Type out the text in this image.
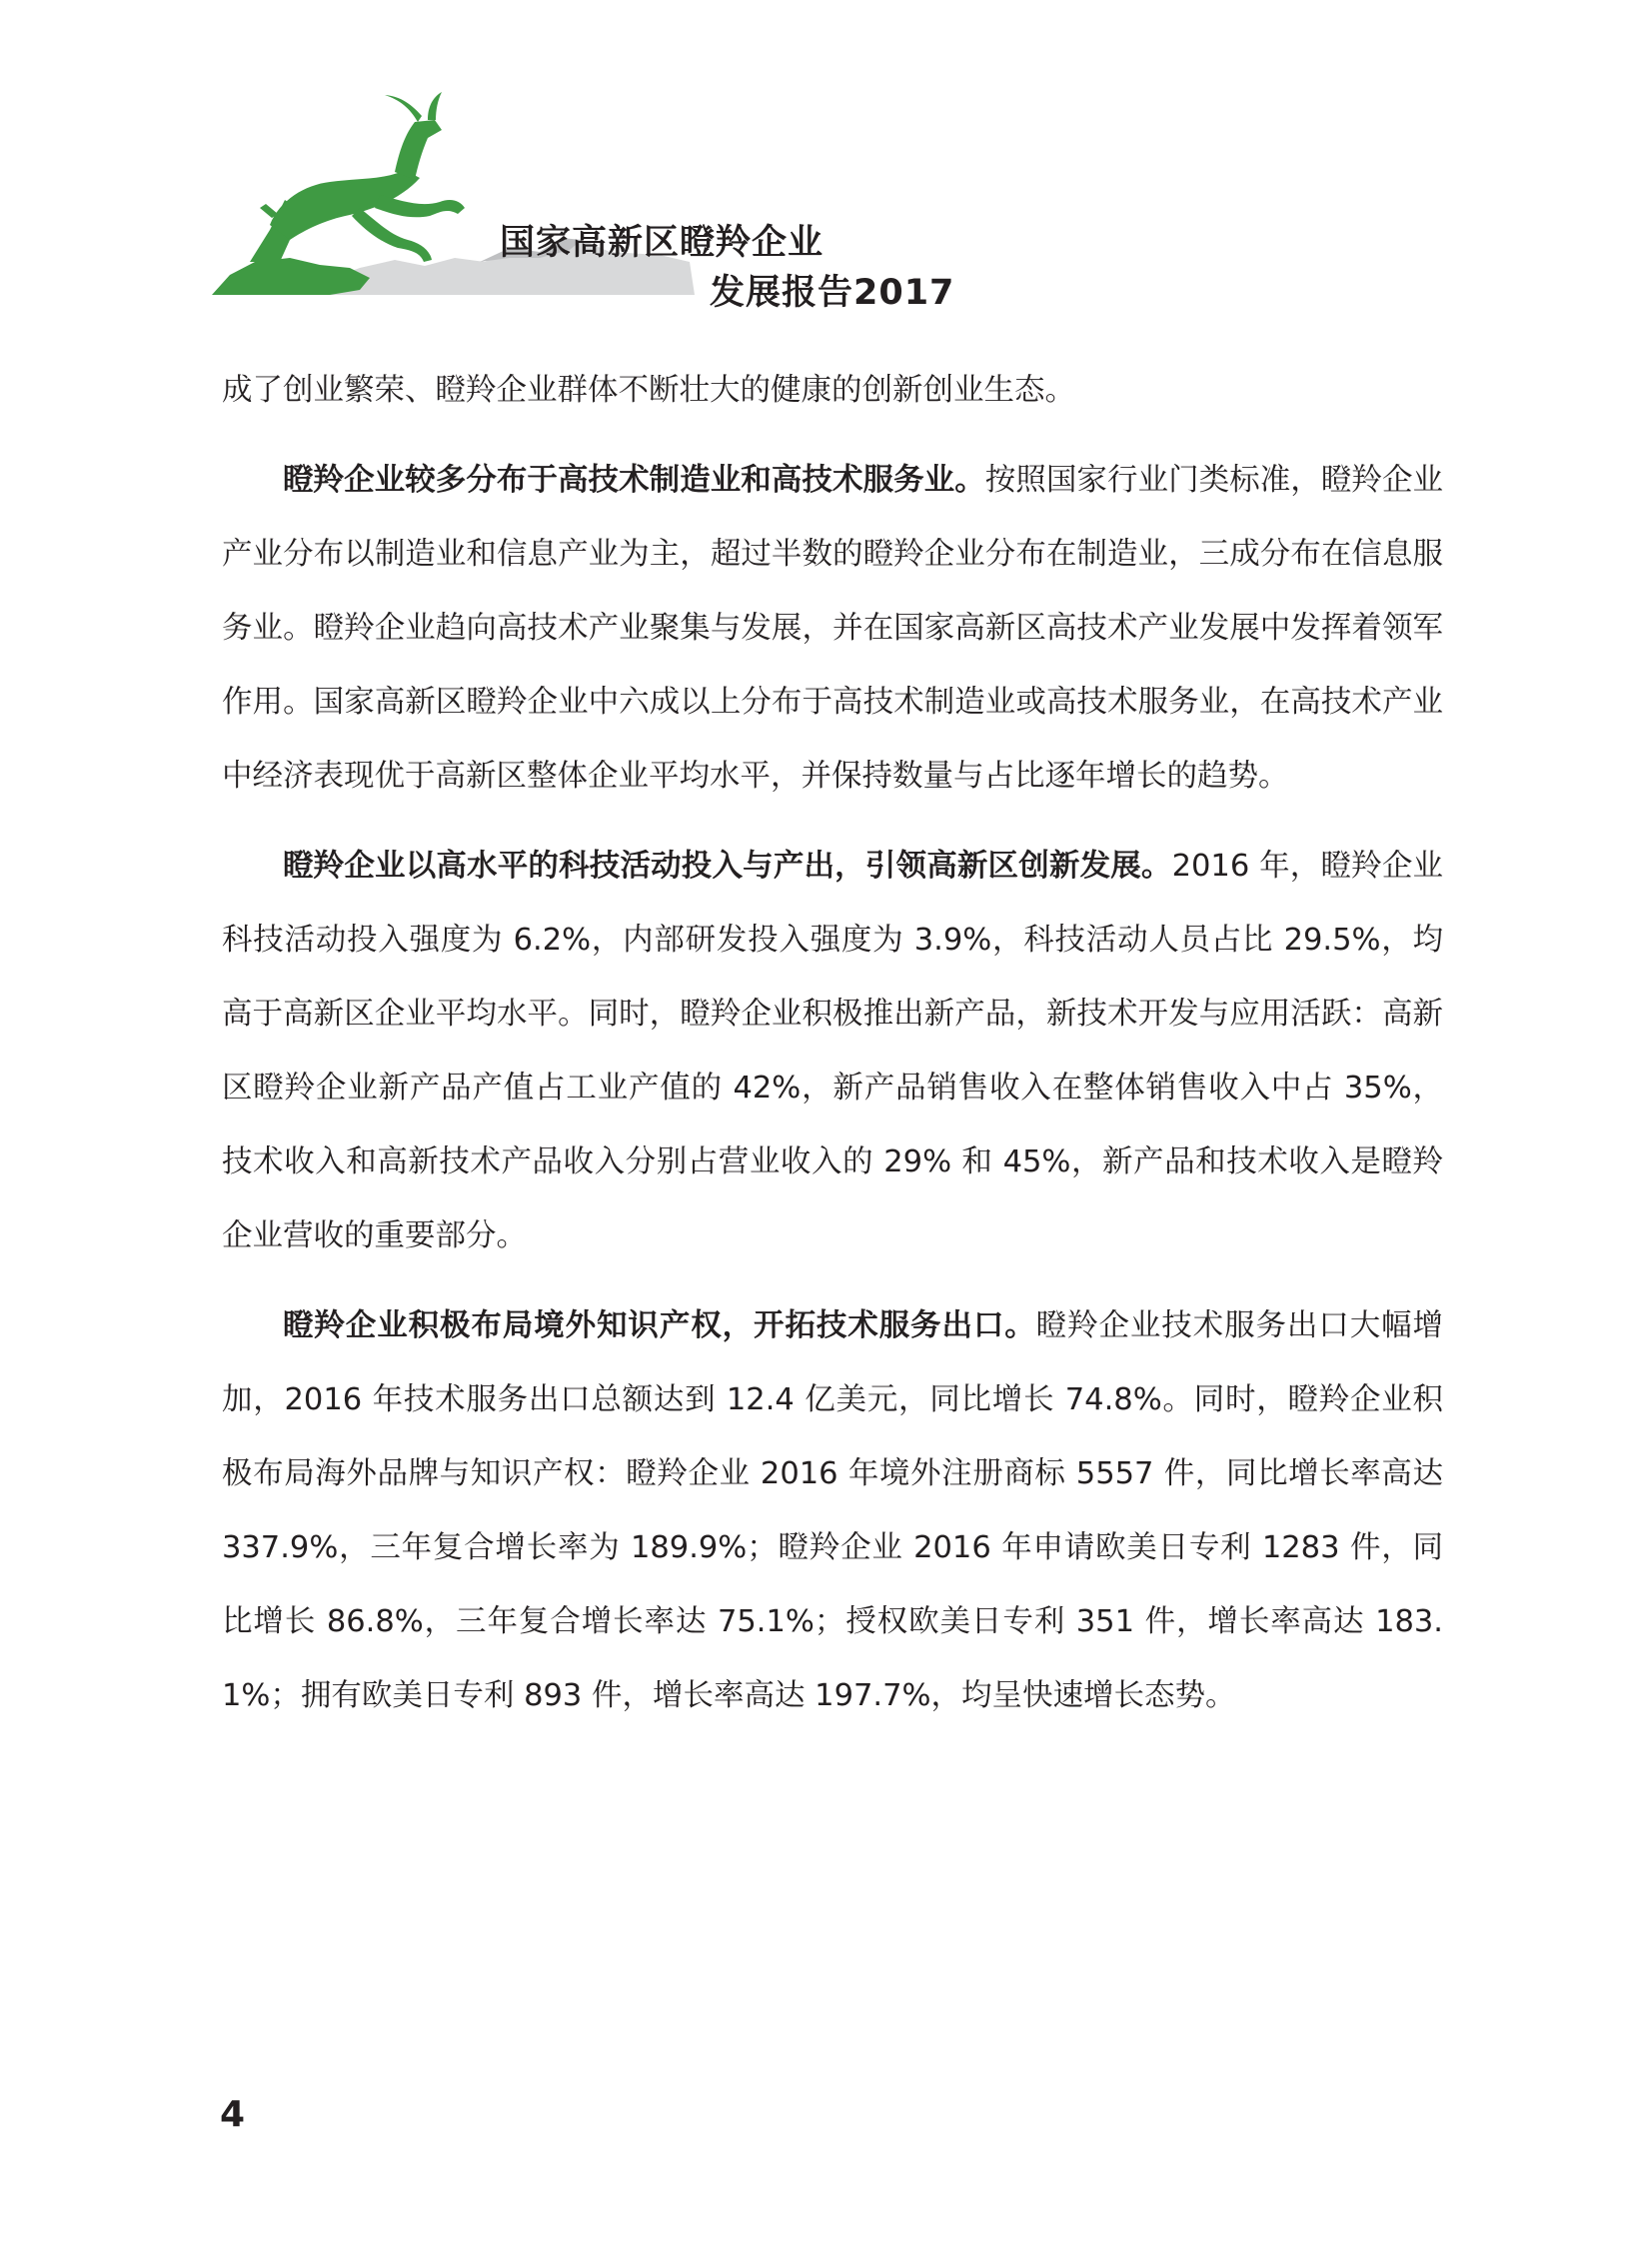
国家高新区瞪羚企业
发展报告2017

成了创业繁荣、瞪羚企业群体不断壮大的健康的创新创业生态。

瞪羚企业较多分布于高技术制造业和高技术服务业。按照国家行业门类标准，瞪羚企业产业分布以制造业和信息产业为主，超过半数的瞪羚企业分布在制造业，三成分布在信息服务业。瞪羚企业趋向高技术产业聚集与发展，并在国家高新区高技术产业发展中发挥着领军作用。国家高新区瞪羚企业中六成以上分布于高技术制造业或高技术服务业，在高技术产业中经济表现优于高新区整体企业平均水平，并保持数量与占比逐年增长的趋势。

瞪羚企业以高水平的科技活动投入与产出，引领高新区创新发展。2016 年，瞪羚企业科技活动投入强度为 6.2%，内部研发投入强度为 3.9%，科技活动人员占比 29.5%，均高于高新区企业平均水平。同时，瞪羚企业积极推出新产品，新技术开发与应用活跃：高新区瞪羚企业新产品产值占工业产值的 42%，新产品销售收入在整体销售收入中占 35%，技术收入和高新技术产品收入分别占营业收入的 29% 和 45%，新产品和技术收入是瞪羚企业营收的重要部分。

瞪羚企业积极布局境外知识产权，开拓技术服务出口。瞪羚企业技术服务出口大幅增加，2016 年技术服务出口总额达到 12.4 亿美元，同比增长 74.8%。同时，瞪羚企业积极布局海外品牌与知识产权：瞪羚企业 2016 年境外注册商标 5557 件，同比增长率高达 337.9%，三年复合增长率为 189.9%；瞪羚企业 2016 年申请欧美日专利 1283 件，同比增长 86.8%，三年复合增长率达 75.1%；授权欧美日专利 351 件，增长率高达 183.1%；拥有欧美日专利 893 件，增长率高达 197.7%，均呈快速增长态势。

4
